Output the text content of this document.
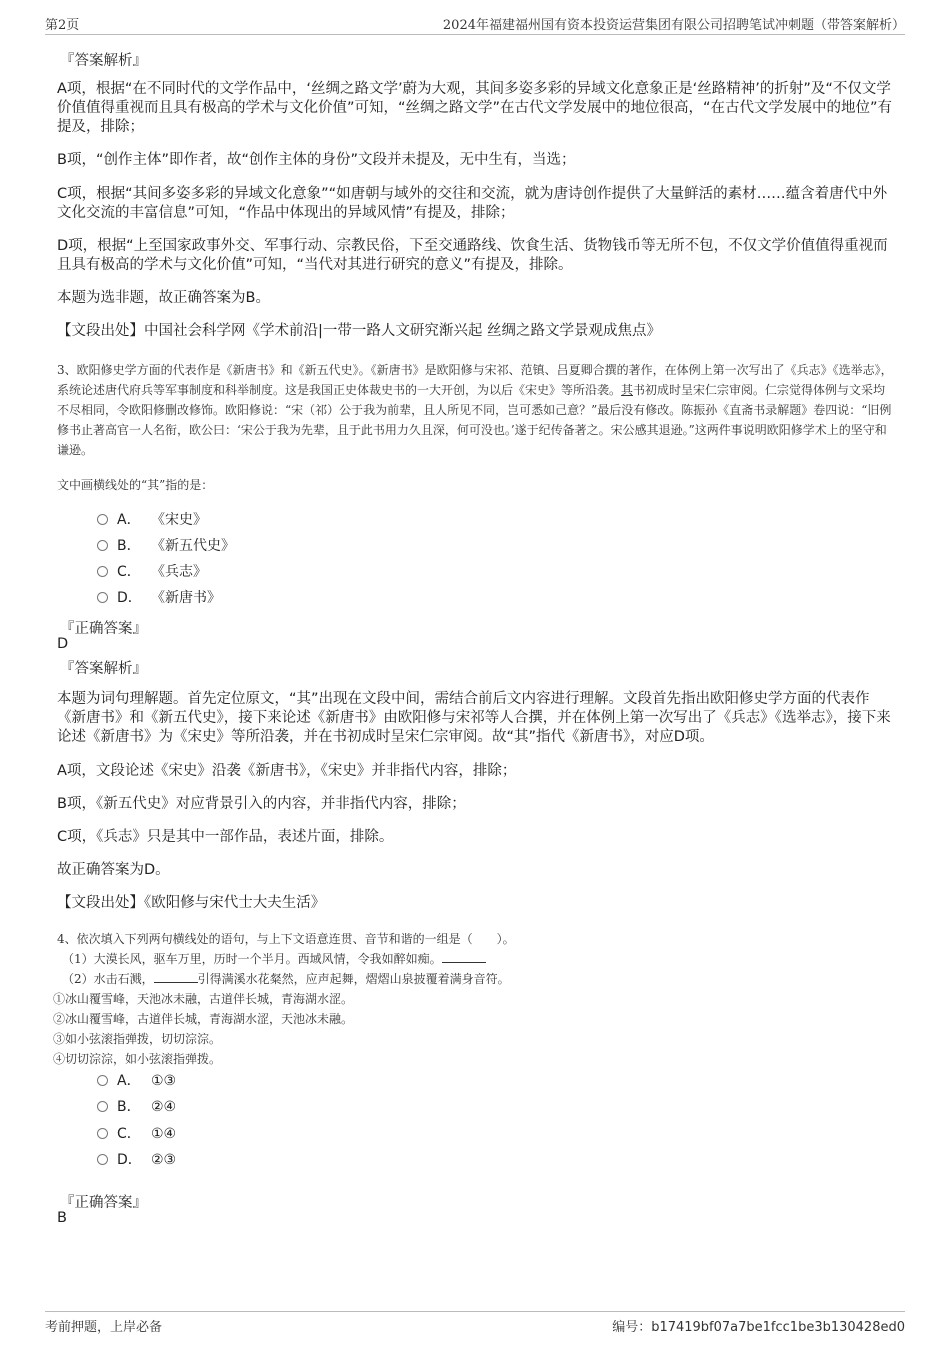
第2页	2024年福建福州国有资本投资运营集团有限公司招聘笔试冲刺题（带答案解析）
『答案解析』
A项，根据“在不同时代的文学作品中，‘丝绸之路文学’蔚为大观，其间多姿多彩的异域文化意象正是‘丝路精神’的折射”及“不仅文学价值值得重视而且具有极高的学术与文化价值”可知，“丝绸之路文学”在古代文学发展中的地位很高，“在古代文学发展中的地位”有提及，排除；
B项，“创作主体”即作者，故“创作主体的身份”文段并未提及，无中生有，当选；
C项，根据“其间多姿多彩的异域文化意象”“如唐朝与域外的交往和交流，就为唐诗创作提供了大量鲜活的素材……蕴含着唐代中外文化交流的丰富信息”可知，“作品中体现出的异域风情”有提及，排除；
D项，根据“上至国家政事外交、军事行动、宗教民俗，下至交通路线、饮食生活、货物钱币等无所不包，不仅文学价值值得重视而且具有极高的学术与文化价值”可知，“当代对其进行研究的意义”有提及，排除。
本题为选非题，故正确答案为B。
【文段出处】中国社会科学网《学术前沿|一带一路人文研究渐兴起 丝绸之路文学景观成焦点》
3、欧阳修史学方面的代表作是《新唐书》和《新五代史》。《新唐书》是欧阳修与宋祁、范镇、吕夏卿合撰的著作，在体例上第一次写出了《兵志》《选举志》，系统论述唐代府兵等军事制度和科举制度。这是我国正史体裁史书的一大开创，为以后《宋史》等所沿袭。其书初成时呈宋仁宗审阅。仁宗觉得体例与文采均不尽相同，令欧阳修删改修饰。欧阳修说：“宋（祁）公于我为前辈，且人所见不同，岂可悉如己意？”最后没有修改。陈振孙《直斋书录解题》卷四说：“旧例修书止著高官一人名衔，欧公曰：‘宋公于我为先辈，且于此书用力久且深，何可没也。’遂于纪传备著之。宋公感其退逊。”这两件事说明欧阳修学术上的坚守和谦逊。
文中画横线处的“其”指的是：
A． 《宋史》
B． 《新五代史》
C． 《兵志》
D． 《新唐书》
『正确答案』
D
『答案解析』
本题为词句理解题。首先定位原文，“其”出现在文段中间，需结合前后文内容进行理解。文段首先指出欧阳修史学方面的代表作《新唐书》和《新五代史》，接下来论述《新唐书》由欧阳修与宋祁等人合撰，并在体例上第一次写出了《兵志》《选举志》，接下来论述《新唐书》为《宋史》等所沿袭，并在书初成时呈宋仁宗审阅。故“其”指代《新唐书》，对应D项。
A项，文段论述《宋史》沿袭《新唐书》，《宋史》并非指代内容，排除；
B项，《新五代史》对应背景引入的内容，并非指代内容，排除；
C项，《兵志》只是其中一部作品，表述片面，排除。
故正确答案为D。
【文段出处】《欧阳修与宋代士大夫生活》
4、依次填入下列两句横线处的语句，与上下文语意连贯、音节和谐的一组是（　　）。
（1）大漠长风，驱车万里，历时一个半月。西域风情，令我如醉如痴。
（2）水击石溅，	引得满溪水花粲然，应声起舞，熠熠山泉披覆着满身音符。
①冰山覆雪峰，天池冰未融，古道伴长城，青海湖水涩。
②冰山覆雪峰，古道伴长城，青海湖水涩，天池冰未融。
③如小弦滚指弹拨，切切淙淙。
④切切淙淙，如小弦滚指弹拨。
A． ①③
B． ②④
C． ①④
D． ②③
『正确答案』
B
考前押题，上岸必备	编号：b17419bf07a7be1fcc1be3b130428ed0
